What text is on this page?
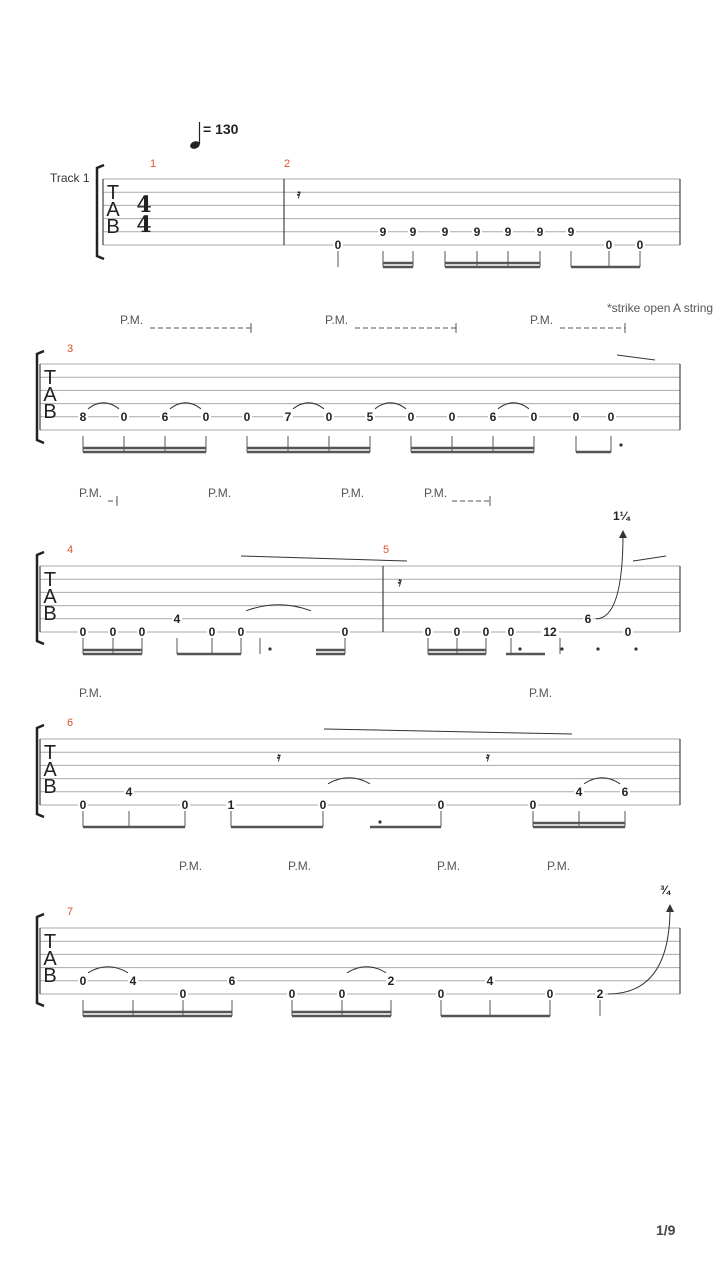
= 130
Track 1
*strike open A string
T
A
B
4
4
1	2
0
9 9 9 9 9 9 9
0 0
𝄿
T
A
B
3
P.M.	P.M.	P.M.
8	0	6	0	0	7	0	5	0	0	6	0	0 0
T
A
B
4	5
P.M.	P.M.	P.M.	P.M.
0 0 0
4
0 0	0	0 0 0 0 12
6
0
𝄿
1¼
T
A
B
6
P.M.	P.M.
0
4
0	1	0	0	0
4	6
𝄿	𝄿
T
A
B
7
P.M.	P.M.	P.M.	P.M.
0	4
0
6
0	0
2
0
4
0	2
¾
1/9
